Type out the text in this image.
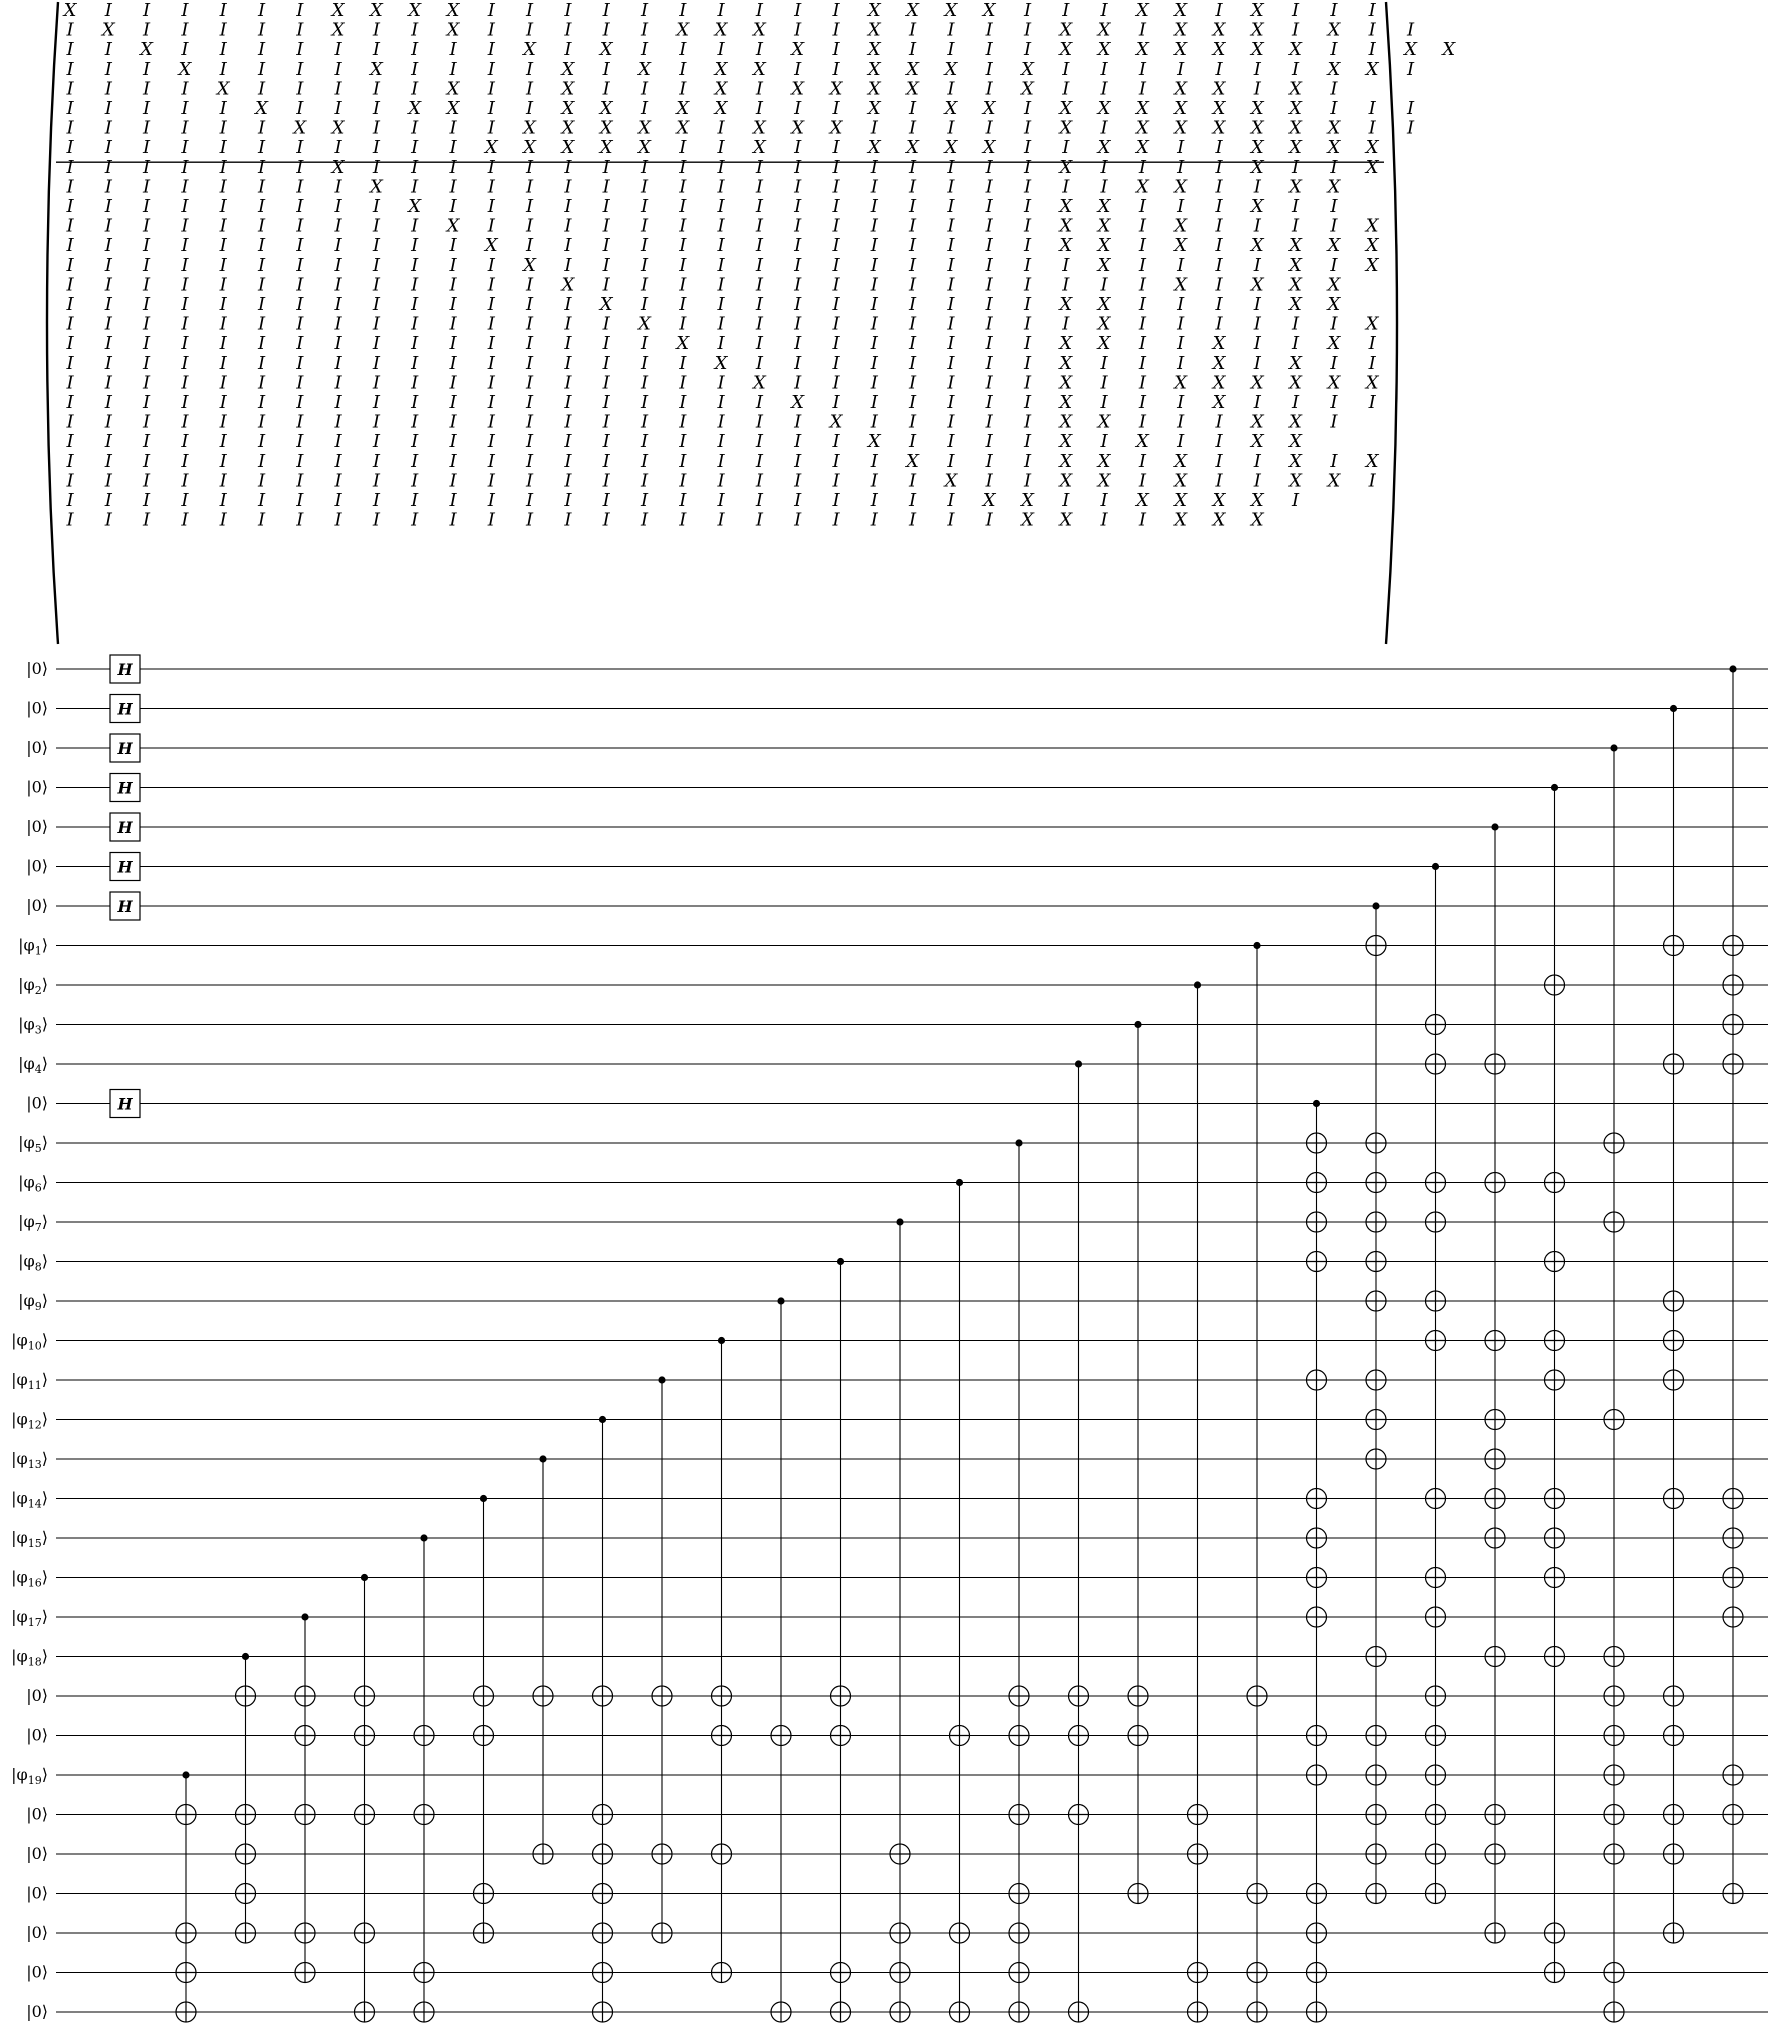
X I I I I I I X X X X I I I I I I I I I I X X X X I I I X X I X I I I
I X I I I I I X I I X I I I I I X X X I I X I I I I X X I X X X I X I I
I I X I I I I I I I I I X I X I I I I X I X I I I I X X X X X X X I I X X
I I I X I I I I X I I I I X I X I X X I I X X X I X I I I I I I I X X I
I I I I X I I I I I X I I X I I I X I X X X X I I X I I I X X I X I
I I I I I X I I I X X I I X X I X X I I I X I X X I X X X X X X X I I I
I I I I I I X X I I I I X X X X X I X X X I I I I I X I X X X X X X I I
I I I I I I I I I I I X X X X X I I X I I X X X X I I X X I I X X X X
I I I I I I I X I I I I I I I I I I I I I I I I I I X I I I I X I I X
I I I I I I I I X I I I I I I I I I I I I I I I I I I I X X I I X X
I I I I I I I I I X I I I I I I I I I I I I I I I I X X I I I X I I
I I I I I I I I I I X I I I I I I I I I I I I I I I X X I X I I I I X
I I I I I I I I I I I X I I I I I I I I I I I I I I X X I X I X X X X
I I I I I I I I I I I I X I I I I I I I I I I I I I I X I I I I X I X
I I I I I I I I I I I I I X I I I I I I I I I I I I I I I X I X X X
I I I I I I I I I I I I I I X I I I I I I I I I I I X X I I I I X X
I I I I I I I I I I I I I I I X I I I I I I I I I I I X I I I I I I X
I I I I I I I I I I I I I I I I X I I I I I I I I I X X I I X I I X I
I I I I I I I I I I I I I I I I I X I I I I I I I I X I I I X I X I I
I I I I I I I I I I I I I I I I I I X I I I I I I I X I I X X X X X X
I I I I I I I I I I I I I I I I I I I X I I I I I I X I I I X I I I I
I I I I I I I I I I I I I I I I I I I I X I I I I I X X I I I X X I
I I I I I I I I I I I I I I I I I I I I I X I I I I X I X I I X X
I I I I I I I I I I I I I I I I I I I I I I X I I I X X I X I I X I X
I I I I I I I I I I I I I I I I I I I I I I I X I I X X I X I I X X I
I I I I I I I I I I I I I I I I I I I I I I I I X X I I X X X X I
I I I I I I I I I I I I I I I I I I I I I I I I I X X I I X X X
|0⟩
|0⟩
|0⟩
|0⟩
|0⟩
|0⟩
|0⟩
$|\varphi_1⟩$
$|\varphi_2⟩$
$|\varphi_3⟩$
$|\varphi_4⟩$
|0⟩
$|\varphi_5⟩$
$|\varphi_6⟩$
$|\varphi_7⟩$
$|\varphi_8⟩$
$|\varphi_9⟩$
$|\varphi_{10}⟩$
$|\varphi_{11}⟩$
$|\varphi_{12}⟩$
$|\varphi_{13}⟩$
$|\varphi_{14}⟩$
$|\varphi_{15}⟩$
$|\varphi_{16}⟩$
$|\varphi_{17}⟩$
$|\varphi_{18}⟩$
|0⟩
|0⟩
$|\varphi_{19}⟩$
|0⟩
|0⟩
|0⟩
|0⟩
|0⟩
|0⟩
H
H
H
H
H
H
H
H
